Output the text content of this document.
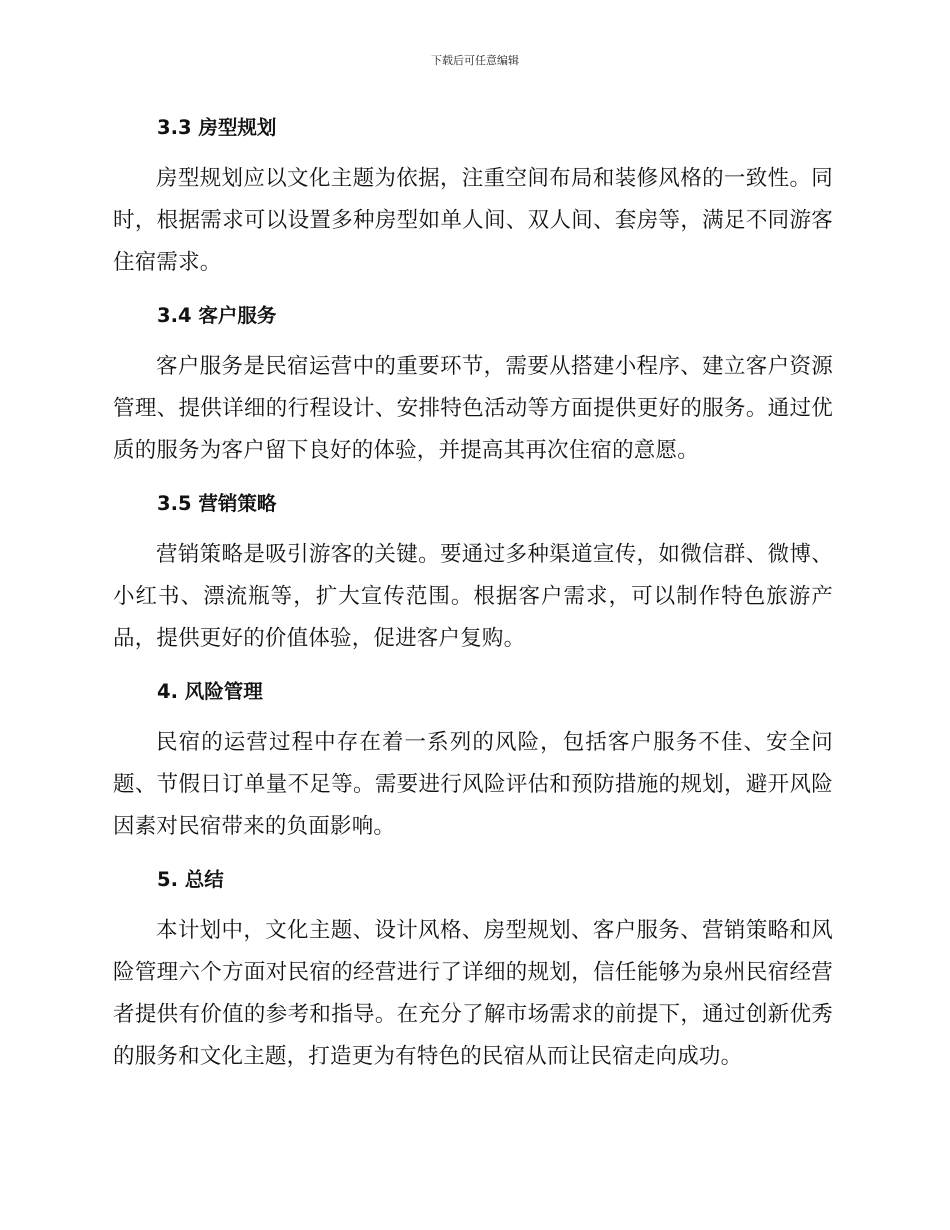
下载后可任意编辑
3.3 房型规划

房型规划应以文化主题为依据，注重空间布局和装修风格的一致性。同时，根据需求可以设置多种房型如单人间、双人间、套房等，满足不同游客住宿需求。

3.4 客户服务

客户服务是民宿运营中的重要环节，需要从搭建小程序、建立客户资源管理、提供详细的行程设计、安排特色活动等方面提供更好的服务。通过优质的服务为客户留下良好的体验，并提高其再次住宿的意愿。

3.5 营销策略

营销策略是吸引游客的关键。要通过多种渠道宣传，如微信群、微博、小红书、漂流瓶等，扩大宣传范围。根据客户需求，可以制作特色旅游产品，提供更好的价值体验，促进客户复购。

4. 风险管理

民宿的运营过程中存在着一系列的风险，包括客户服务不佳、安全问题、节假日订单量不足等。需要进行风险评估和预防措施的规划，避开风险因素对民宿带来的负面影响。

5. 总结

本计划中，文化主题、设计风格、房型规划、客户服务、营销策略和风险管理六个方面对民宿的经营进行了详细的规划，信任能够为泉州民宿经营者提供有价值的参考和指导。在充分了解市场需求的前提下，通过创新优秀的服务和文化主题，打造更为有特色的民宿从而让民宿走向成功。
